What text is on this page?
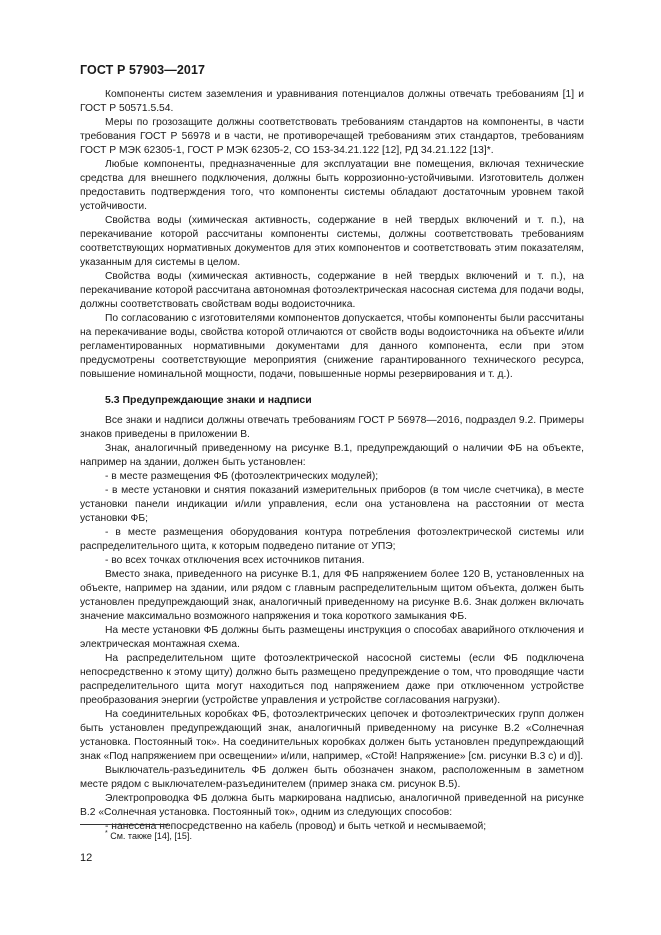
ГОСТ Р 57903—2017

Компоненты систем заземления и уравнивания потенциалов должны отвечать требованиям [1] и ГОСТ Р 50571.5.54.

Меры по грозозащите должны соответствовать требованиям стандартов на компоненты, в части требования ГОСТ Р 56978 и в части, не противоречащей требованиям этих стандартов, требованиям ГОСТ Р МЭК 62305-1, ГОСТ Р МЭК 62305-2, СО 153-34.21.122 [12], РД 34.21.122 [13]*.

Любые компоненты, предназначенные для эксплуатации вне помещения, включая технические средства для внешнего подключения, должны быть коррозионно-устойчивыми. Изготовитель должен предоставить подтверждения того, что компоненты системы обладают достаточным уровнем такой устойчивости.

Свойства воды (химическая активность, содержание в ней твердых включений и т. п.), на перекачивание которой рассчитаны компоненты системы, должны соответствовать требованиям соответствующих нормативных документов для этих компонентов и соответствовать этим показателям, указанным для системы в целом.

Свойства воды (химическая активность, содержание в ней твердых включений и т. п.), на перекачивание которой рассчитана автономная фотоэлектрическая насосная система для подачи воды, должны соответствовать свойствам воды водоисточника.

По согласованию с изготовителями компонентов допускается, чтобы компоненты были рассчитаны на перекачивание воды, свойства которой отличаются от свойств воды водоисточника на объекте и/или регламентированных нормативными документами для данного компонента, если при этом предусмотрены соответствующие мероприятия (снижение гарантированного технического ресурса, повышение номинальной мощности, подачи, повышенные нормы резервирования и т. д.).

5.3 Предупреждающие знаки и надписи

Все знаки и надписи должны отвечать требованиям ГОСТ Р 56978—2016, подраздел 9.2. Примеры знаков приведены в приложении В.

Знак, аналогичный приведенному на рисунке В.1, предупреждающий о наличии ФБ на объекте, например на здании, должен быть установлен:

- в месте размещения ФБ (фотоэлектрических модулей);

- в месте установки и снятия показаний измерительных приборов (в том числе счетчика), в месте установки панели индикации и/или управления, если она установлена на расстоянии от места установки ФБ;

- в месте размещения оборудования контура потребления фотоэлектрической системы или распределительного щита, к которым подведено питание от УПЭ;

- во всех точках отключения всех источников питания.

Вместо знака, приведенного на рисунке В.1, для ФБ напряжением более 120 В, установленных на объекте, например на здании, или рядом с главным распределительным щитом объекта, должен быть установлен предупреждающий знак, аналогичный приведенному на рисунке В.6. Знак должен включать значение максимально возможного напряжения и тока короткого замыкания ФБ.

На месте установки ФБ должны быть размещены инструкция о способах аварийного отключения и электрическая монтажная схема.

На распределительном щите фотоэлектрической насосной системы (если ФБ подключена непосредственно к этому щиту) должно быть размещено предупреждение о том, что проводящие части распределительного щита могут находиться под напряжением даже при отключенном устройстве преобразования энергии (устройстве управления и устройстве согласования нагрузки).

На соединительных коробках ФБ, фотоэлектрических цепочек и фотоэлектрических групп должен быть установлен предупреждающий знак, аналогичный приведенному на рисунке В.2 «Солнечная установка. Постоянный ток». На соединительных коробках должен быть установлен предупреждающий знак «Под напряжением при освещении» и/или, например, «Стой! Напряжение» [см. рисунки В.3 с) и d)].

Выключатель-разъединитель ФБ должен быть обозначен знаком, расположенным в заметном месте рядом с выключателем-разъединителем (пример знака см. рисунок В.5).

Электропроводка ФБ должна быть маркирована надписью, аналогичной приведенной на рисунке В.2 «Солнечная установка. Постоянный ток», одним из следующих способов:

- нанесена непосредственно на кабель (провод) и быть четкой и несмываемой;

* См. также [14], [15].
12
